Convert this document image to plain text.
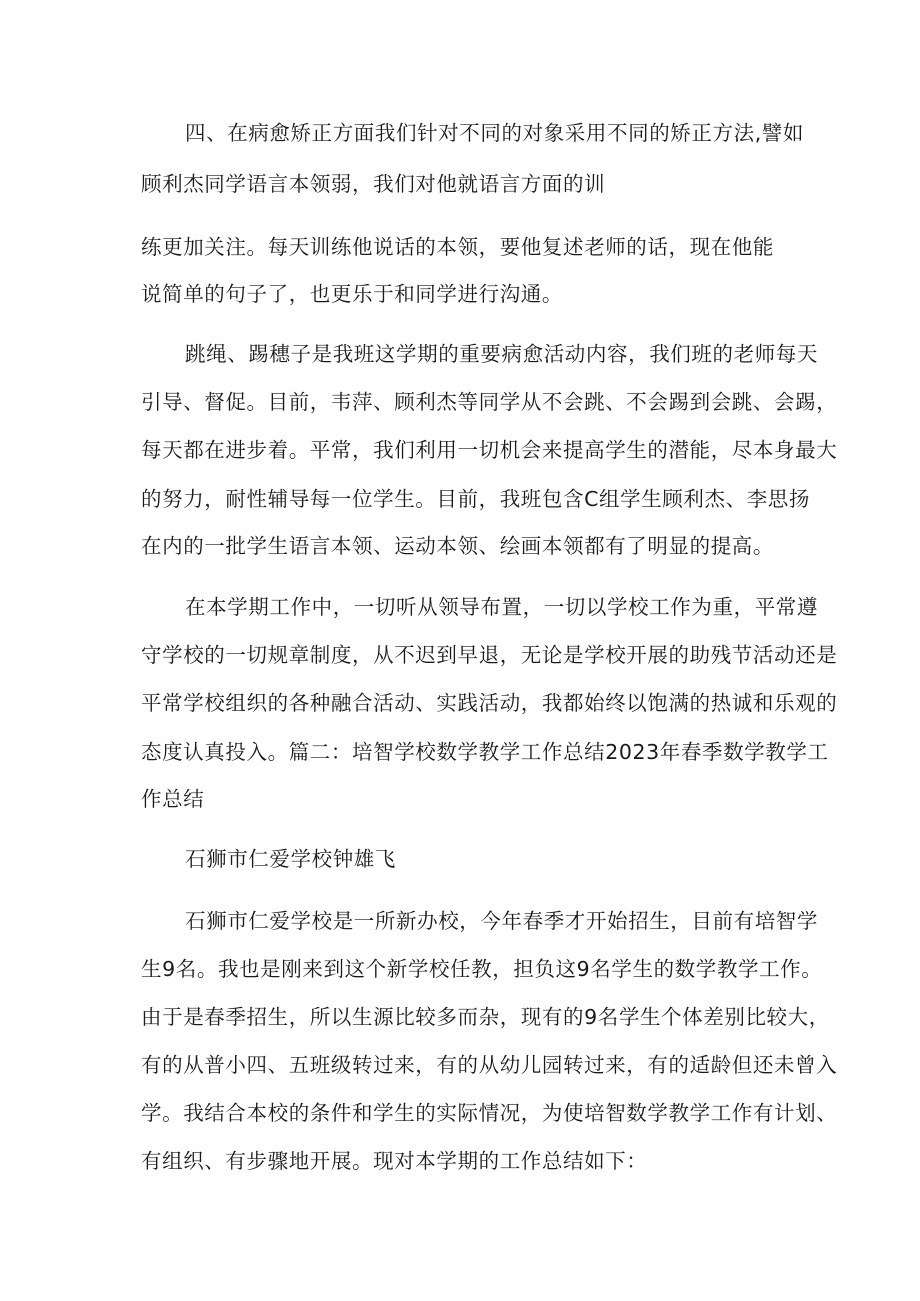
四、在病愈矫正方面我们针对不同的对象采用不同的矫正方法,譬如
顾利杰同学语言本领弱，我们对他就语言方面的训
练更加关注。每天训练他说话的本领，要他复述老师的话，现在他能
说简单的句子了，也更乐于和同学进行沟通。
跳绳、踢穗子是我班这学期的重要病愈活动内容，我们班的老师每天
引导、督促。目前，韦萍、顾利杰等同学从不会跳、不会踢到会跳、会踢，
每天都在进步着。平常，我们利用一切机会来提高学生的潜能，尽本身最大
的努力，耐性辅导每一位学生。目前，我班包含C组学生顾利杰、李思扬
在内的一批学生语言本领、运动本领、绘画本领都有了明显的提高。
在本学期工作中，一切听从领导布置，一切以学校工作为重，平常遵
守学校的一切规章制度，从不迟到早退，无论是学校开展的助残节活动还是
平常学校组织的各种融合活动、实践活动，我都始终以饱满的热诚和乐观的
态度认真投入。篇二：培智学校数学教学工作总结2023年春季数学教学工
作总结
石狮市仁爱学校钟雄飞
石狮市仁爱学校是一所新办校，今年春季才开始招生，目前有培智学
生9名。我也是刚来到这个新学校任教，担负这9名学生的数学教学工作。
由于是春季招生，所以生源比较多而杂，现有的9名学生个体差别比较大，
有的从普小四、五班级转过来，有的从幼儿园转过来，有的适龄但还未曾入
学。我结合本校的条件和学生的实际情况，为使培智数学教学工作有计划、
有组织、有步骤地开展。现对本学期的工作总结如下：
